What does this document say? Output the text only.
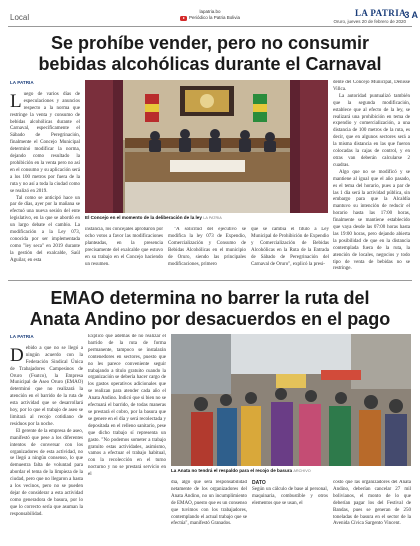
Local
lapatria.bo
Periódico la Patria Bolivia	LA PATRIA
Oruro, jueves 20 de febrero de 2020
3 A
Se prohíbe vender, pero no consumir
bebidas alcohólicas durante el Carnaval
LA PATRIA
L uego de varios días de especulaciones y anuncios respecto a la norma que restringe la venta y consumo de bebidas alcohólicas durante el Carnaval, específicamente el Sábado de Peregrinación, finalmente el Concejo Municipal determinó modificar la norma, dejando como resultado la prohibición en la venta pero no así en el consumo y su aplicación será a los 100 metros por fuera de la ruta y no así a toda la ciudad como se realizó en 2019.

Tal como se anticipó hace un par de días, ayer por la mañana se efectuó una nueva sesión del ente legislativo, en la que se abordó en un largo debate el cambio. La modificación a la Ley 073, conocida por ser implementada como "ley seca" en 2019 durante la gestión del exalcalde, Saúl Aguilar, en esta

El Concejo en el momento de la deliberación de la ley LA PATRIA

instancia, los concejales aprobaron por ocho votos a favor las modificaciones planteadas, en la presencia precisamente del exalcalde que estuvo en su trabajo en el Concejo haciendo un resumen.

"A solicitud del ejecutivo se modifica la ley 073 de Expendio, Comercialización y Consumo de Bebidas Alcohólicas en el municipio de Oruro, siendo las principales modificaciones, primero

que se cambia el título a Ley Municipal de Prohibición de Expendio y Comercialización de Bebidas Alcohólicas en la Ruta de la Entrada de Sábado de Peregrinación del Carnaval de Oruro", explicó la presi-

dente del Concejo Municipal, Denisse Villca.

La autoridad puntualizó también que la segunda modificación, establece que al efecto de la ley, se realizará una prohibición en tema de expendio y comercialización, a una distancia de 100 metros de la ruta, es decir, que en algunos sectores será a la misma distancia en las que fueron colocadas la cajas de control, y en otras van deberán calcularse 2 cuadras.

Algo que no se modificó y se mantiene al igual que el año pasado, es el tema del horario, pues a par de las 1 día será la actividad pública, sin embargo para que la Alcaldía mantuvo su intención de reducir el horario hasta las 17:00 horas, finalmente se mantiene establecido que vaya desde las 07:00 horas hasta las 19:00 horas, pero dejando abierta la posibilidad de que en la distancia contemplada fuera de la ruta, la atención de locales, negocios y todo tipo de venta de bebidas no se restringe.

EMAO determina no barrer la ruta del
Anata Andino por desacuerdos en el pago
LA PATRIA
D ebido a que no se llegó a ningún acuerdo con la Federación Sindical Única de Trabajadores Campesinos de Oruro (Fsutco), la Empresa Municipal de Aseo Oruro (EMAO) determinó que no realizará la atención en el barrido de la ruta de esta actividad que se desarrollará hoy, por lo que el trabajo de aseo se limitará al recojo cotidiano de residuos por la noche.

El gerente de la empresa de aseo, manifestó que pese a los diferentes intentos de conversar con los organizadores de esta actividad, no se llegó a ningún consenso, lo que demuestra falta de voluntad para abordar el tema de la limpieza de la ciudad, pero que no llegaron a hasta a los vecinos, pero no se pueden dejar de considerar a esta actividad como generadora de basura, por lo que lo correcto sería que asuman la responsabilidad.

Explicó que además de no realizar el barrido de la ruta de forma permanente, tampoco se instalarán contenedores en sectores, puesto que no les parece conveniente seguir trabajando a título gratuito cuando la organización se debería hacer cargo de los gastos operativos adicionales que se realizan para atender cada año el Anata Andino. Indicó que si bien no se efectuará el barrido, de todas maneras se prestará el cobro, por la basura que se genere en el día y será recolectada y depositada en el relleno sanitario, pese que dicho trabajo sí representa un gasto. "No podemos someter a trabajo gratuito estas actividades, asimismo, vamos a efectuar el trabajo habitual, con la recolección en el turno nocturno y no se prestará servicio en el

La Anata no tendrá el respaldo para el recojo de basura ARCHIVO

día, algo que será responsabilidad netamente de los organizadores del Anata Andino, no un incumplimiento de EMAO, puesto que es un consenso que tuvimos con los trabajadores, contemplando el actual trabajo que se efectúa", manifestó Granados.

DATO

Según un cálculo de base al personal, maquinaria, combustible y otros elementos que se usan, el

costo que las organizadores del Anata Andino, deberían cancelar 27 mil bolivianos, el monto de lo que deberían pagar los del Festival de Bandas, pues se generan de 250 toneladas de basura en el sector de la Avenida Cívica Sargento Vincent.
